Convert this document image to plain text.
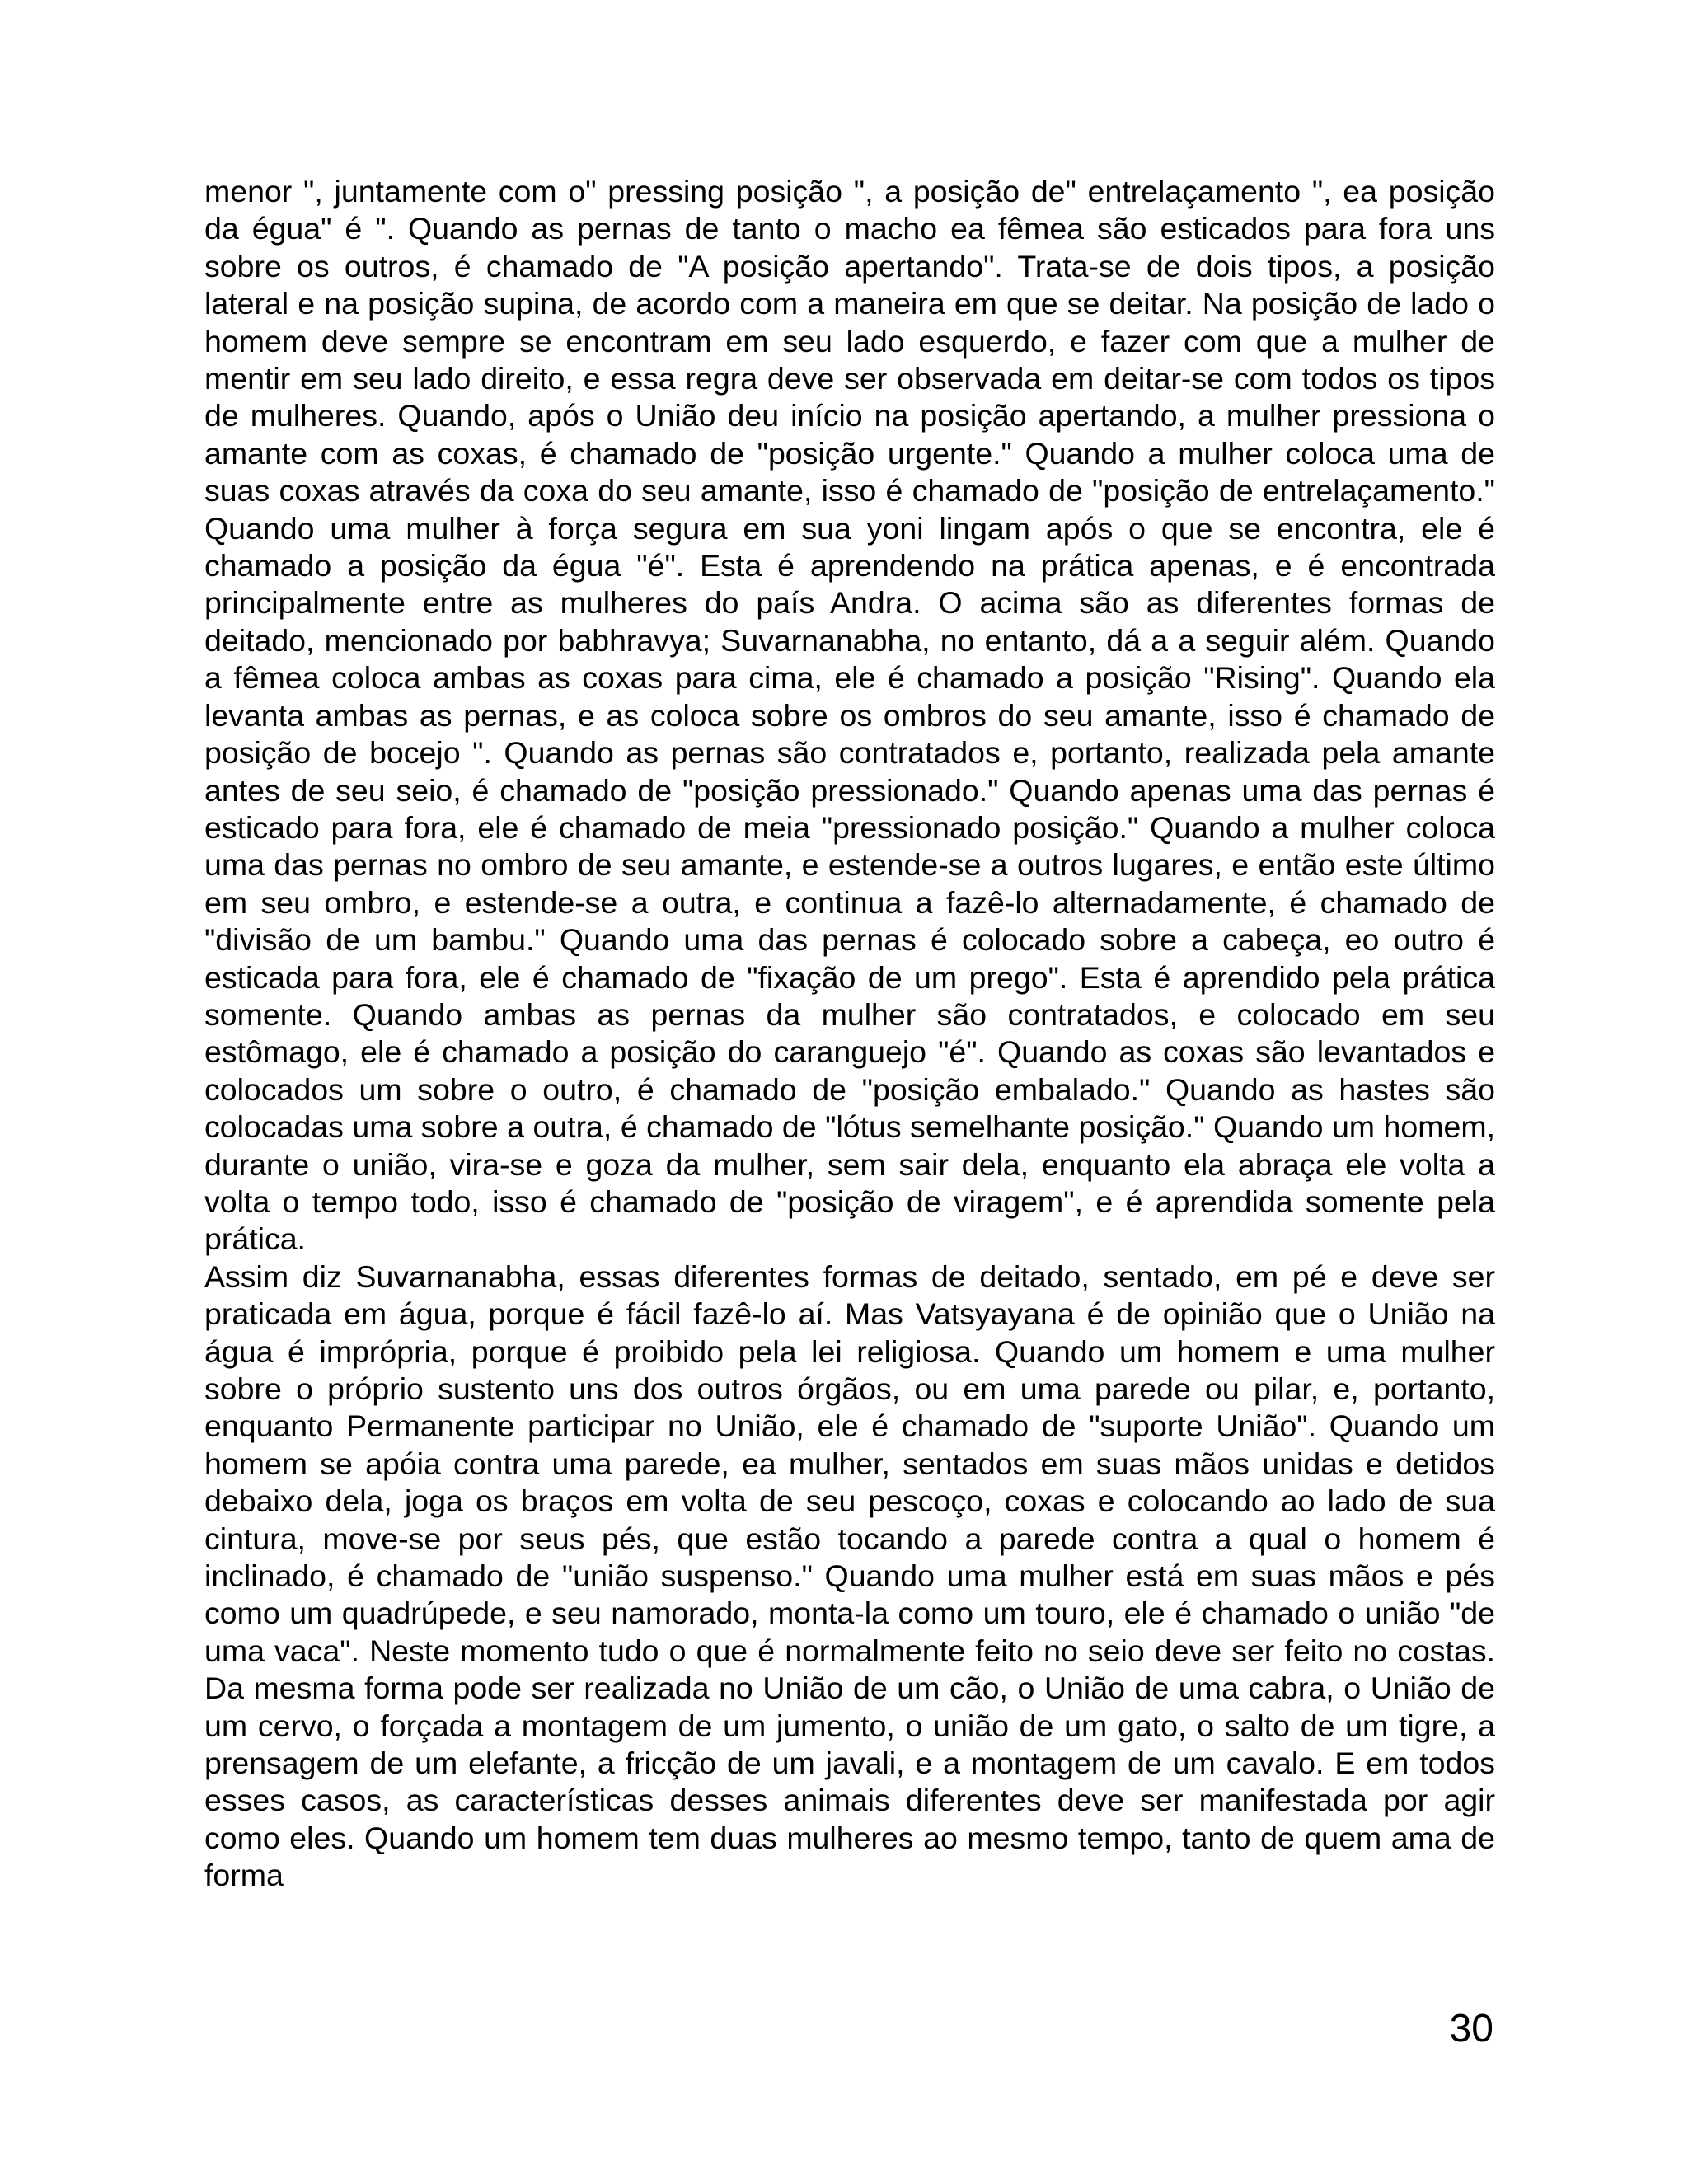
menor ", juntamente com o" pressing posição ", a posição de" entrelaçamento ", ea posição da égua" é ". Quando as pernas de tanto o macho ea fêmea são esticados para fora uns sobre os outros, é chamado de "A posição apertando". Trata-se de dois tipos, a posição lateral e na posição supina, de acordo com a maneira em que se deitar. Na posição de lado o homem deve sempre se encontram em seu lado esquerdo, e fazer com que a mulher de mentir em seu lado direito, e essa regra deve ser observada em deitar-se com todos os tipos de mulheres. Quando, após o União deu início na posição apertando, a mulher pressiona o amante com as coxas, é chamado de "posição urgente." Quando a mulher coloca uma de suas coxas através da coxa do seu amante, isso é chamado de "posição de entrelaçamento." Quando uma mulher à força segura em sua yoni lingam após o que se encontra, ele é chamado a posição da égua "é". Esta é aprendendo na prática apenas, e é encontrada principalmente entre as mulheres do país Andra. O acima são as diferentes formas de deitado, mencionado por babhravya; Suvarnanabha, no entanto, dá a a seguir além. Quando a fêmea coloca ambas as coxas para cima, ele é chamado a posição "Rising". Quando ela levanta ambas as pernas, e as coloca sobre os ombros do seu amante, isso é chamado de posição de bocejo ". Quando as pernas são contratados e, portanto, realizada pela amante antes de seu seio, é chamado de "posição pressionado." Quando apenas uma das pernas é esticado para fora, ele é chamado de meia "pressionado posição." Quando a mulher coloca uma das pernas no ombro de seu amante, e estende-se a outros lugares, e então este último em seu ombro, e estende-se a outra, e continua a fazê-lo alternadamente, é chamado de "divisão de um bambu." Quando uma das pernas é colocado sobre a cabeça, eo outro é esticada para fora, ele é chamado de "fixação de um prego". Esta é aprendido pela prática somente. Quando ambas as pernas da mulher são contratados, e colocado em seu estômago, ele é chamado a posição do caranguejo "é". Quando as coxas são levantados e colocados um sobre o outro, é chamado de "posição embalado." Quando as hastes são colocadas uma sobre a outra, é chamado de "lótus semelhante posição." Quando um homem, durante o união, vira-se e goza da mulher, sem sair dela, enquanto ela abraça ele volta a volta o tempo todo, isso é chamado de "posição de viragem", e é aprendida somente pela prática.

Assim diz Suvarnanabha, essas diferentes formas de deitado, sentado, em pé e deve ser praticada em água, porque é fácil fazê-lo aí. Mas Vatsyayana é de opinião que o União na água é imprópria, porque é proibido pela lei religiosa. Quando um homem e uma mulher sobre o próprio sustento uns dos outros órgãos, ou em uma parede ou pilar, e, portanto, enquanto Permanente participar no União, ele é chamado de "suporte União". Quando um homem se apóia contra uma parede, ea mulher, sentados em suas mãos unidas e detidos debaixo dela, joga os braços em volta de seu pescoço, coxas e colocando ao lado de sua cintura, move-se por seus pés, que estão tocando a parede contra a qual o homem é inclinado, é chamado de "união suspenso." Quando uma mulher está em suas mãos e pés como um quadrúpede, e seu namorado, monta-la como um touro, ele é chamado o união "de uma vaca". Neste momento tudo o que é normalmente feito no seio deve ser feito no costas. Da mesma forma pode ser realizada no União de um cão, o União de uma cabra, o União de um cervo, o forçada a montagem de um jumento, o união de um gato, o salto de um tigre, a prensagem de um elefante, a fricção de um javali, e a montagem de um cavalo. E em todos esses casos, as características desses animais diferentes deve ser manifestada por agir como eles. Quando um homem tem duas mulheres ao mesmo tempo, tanto de quem ama de forma

30
